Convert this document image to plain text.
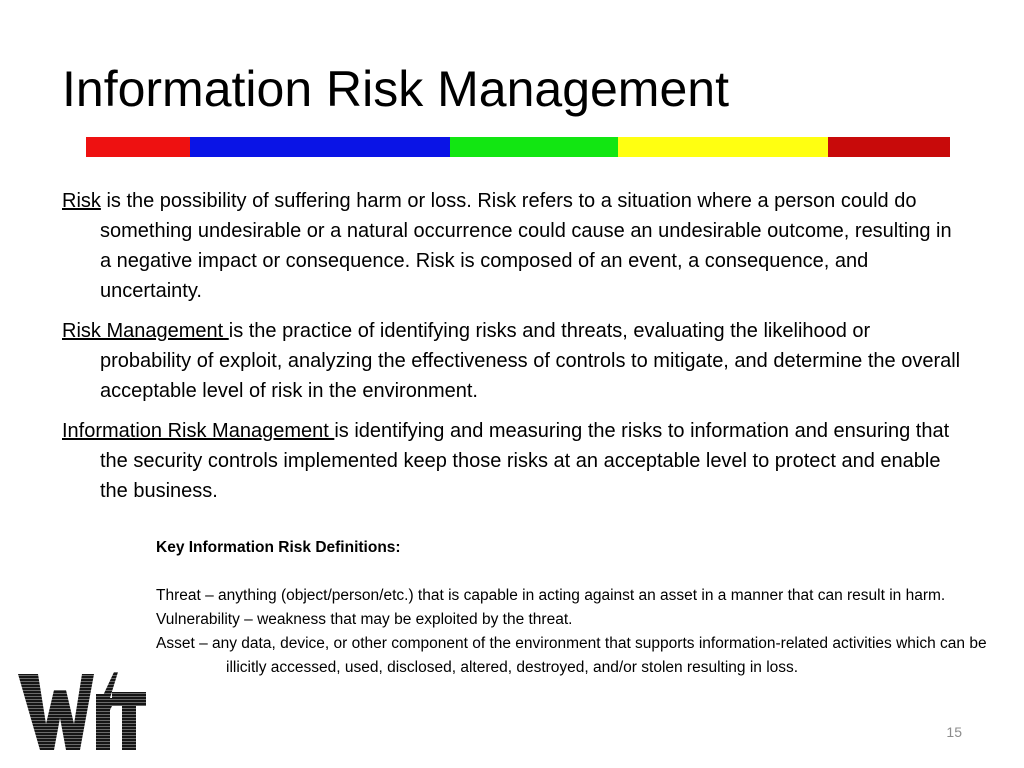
Information Risk Management

Risk is the possibility of suffering harm or loss. Risk refers to a situation where a person could do something undesirable or a natural occurrence could cause an undesirable outcome, resulting in a negative impact or consequence. Risk is composed of an event, a consequence, and uncertainty.

Risk Management is the practice of identifying risks and threats, evaluating the likelihood or probability of exploit, analyzing the effectiveness of controls to mitigate, and determine the overall acceptable level of risk in the environment.

Information Risk Management is identifying and measuring the risks to information and ensuring that the security controls implemented keep those risks at an acceptable level to protect and enable the business.

Key Information Risk Definitions:

Threat – anything (object/person/etc.) that is capable in acting against an asset in a manner that can result in harm.

Vulnerability – weakness that may be exploited by the threat.

Asset – any data, device, or other component of the environment that supports information-related activities which can be illicitly accessed, used, disclosed, altered, destroyed, and/or stolen resulting in loss.

15
